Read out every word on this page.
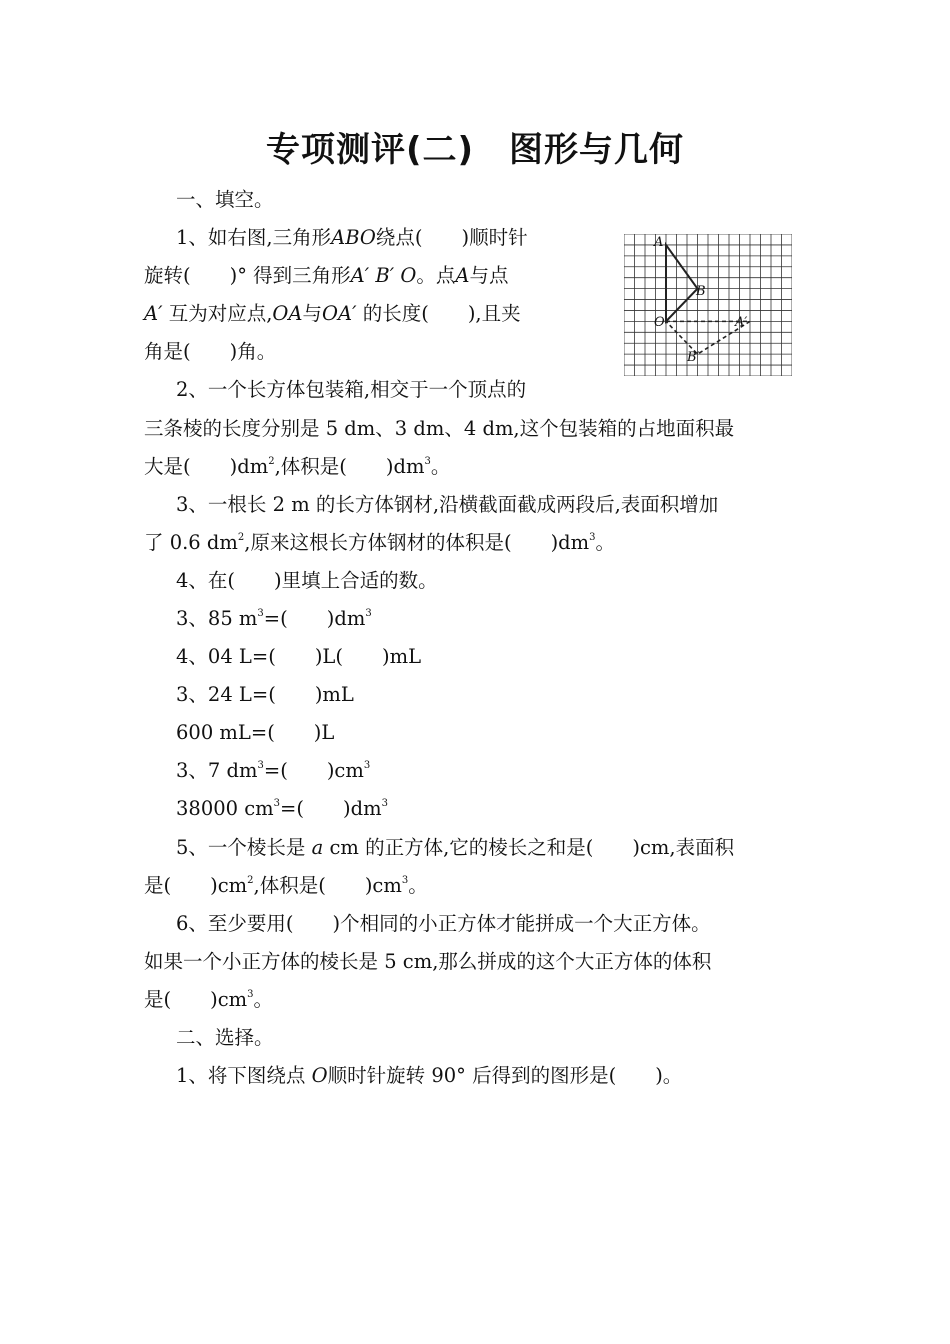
专项测评(二)　图形与几何
一、填空。
1、如右图,三角形ABO绕点(　　)顺时针
旋转(　　)° 得到三角形A′ B′ O。点A与点
A′ 互为对应点,OA与OA′ 的长度(　　),且夹
角是(　　)角。
A
B
O	A′
B′
2、一个长方体包装箱,相交于一个顶点的
三条棱的长度分别是 5 dm、3 dm、4 dm,这个包装箱的占地面积最
大是(　　)$dm^2$,体积是(　　)$dm^3$。
3、一根长 2 m 的长方体钢材,沿横截面截成两段后,表面积增加
了 0.6 $dm^2$,原来这根长方体钢材的体积是(　　)$dm^3$。
4、在(　　)里填上合适的数。
3、85 $m^3=$(　　)$dm^3$
4、04 L=(　　)L(　　)mL
3、24 L=(　　)mL
600 mL=(　　)L
3、7 $dm^3=$(　　)$cm^3$
38000 $cm^3=$(　　)$dm^3$
5、一个棱长是 a cm 的正方体,它的棱长之和是(　　)cm,表面积
是(　　)$cm^2$,体积是(　　)$cm^3$。
6、至少要用(　　)个相同的小正方体才能拼成一个大正方体。
如果一个小正方体的棱长是 5 cm,那么拼成的这个大正方体的体积
是(　　)$cm^3$。
二、选择。
1、将下图绕点 O顺时针旋转 90° 后得到的图形是(　　)。
